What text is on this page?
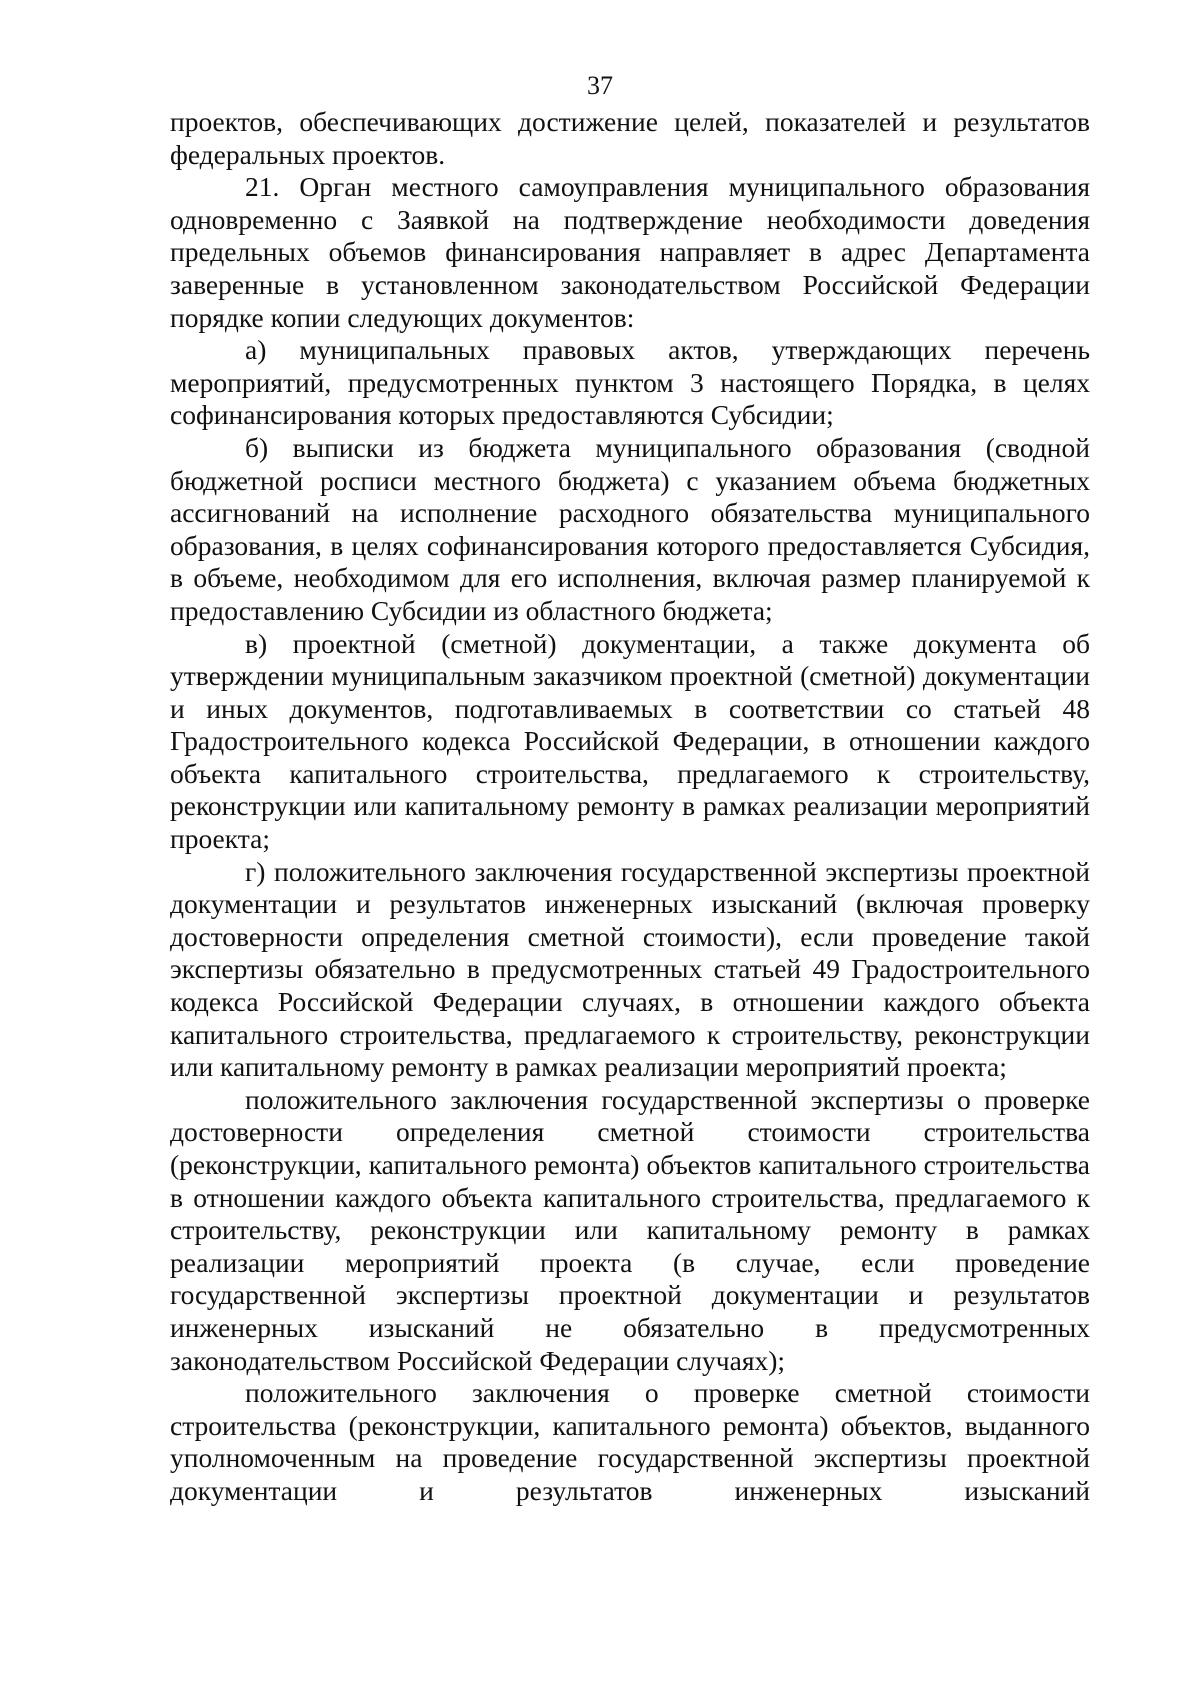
37

проектов, обеспечивающих достижение целей, показателей и результатов федеральных проектов.

21. Орган местного самоуправления муниципального образования одновременно с Заявкой на подтверждение необходимости доведения предельных объемов финансирования направляет в адрес Департамента заверенные в установленном законодательством Российской Федерации порядке копии следующих документов:

а) муниципальных правовых актов, утверждающих перечень мероприятий, предусмотренных пунктом 3 настоящего Порядка, в целях софинансирования которых предоставляются Субсидии;

б) выписки из бюджета муниципального образования (сводной бюджетной росписи местного бюджета) с указанием объема бюджетных ассигнований на исполнение расходного обязательства муниципального образования, в целях софинансирования которого предоставляется Субсидия, в объеме, необходимом для его исполнения, включая размер планируемой к предоставлению Субсидии из областного бюджета;

в) проектной (сметной) документации, а также документа об утверждении муниципальным заказчиком проектной (сметной) документации и иных документов, подготавливаемых в соответствии со статьей 48 Градостроительного кодекса Российской Федерации, в отношении каждого объекта капитального строительства, предлагаемого к строительству, реконструкции или капитальному ремонту в рамках реализации мероприятий проекта;

г) положительного заключения государственной экспертизы проектной документации и результатов инженерных изысканий (включая проверку достоверности определения сметной стоимости), если проведение такой экспертизы обязательно в предусмотренных статьей 49 Градостроительного кодекса Российской Федерации случаях, в отношении каждого объекта капитального строительства, предлагаемого к строительству, реконструкции или капитальному ремонту в рамках реализации мероприятий проекта;

положительного заключения государственной экспертизы о проверке достоверности определения сметной стоимости строительства (реконструкции, капитального ремонта) объектов капитального строительства в отношении каждого объекта капитального строительства, предлагаемого к строительству, реконструкции или капитальному ремонту в рамках реализации мероприятий проекта (в случае, если проведение государственной экспертизы проектной документации и результатов инженерных изысканий не обязательно в предусмотренных законодательством Российской Федерации случаях);

положительного заключения о проверке сметной стоимости строительства (реконструкции, капитального ремонта) объектов, выданного уполномоченным на проведение государственной экспертизы проектной документации и результатов инженерных изысканий
